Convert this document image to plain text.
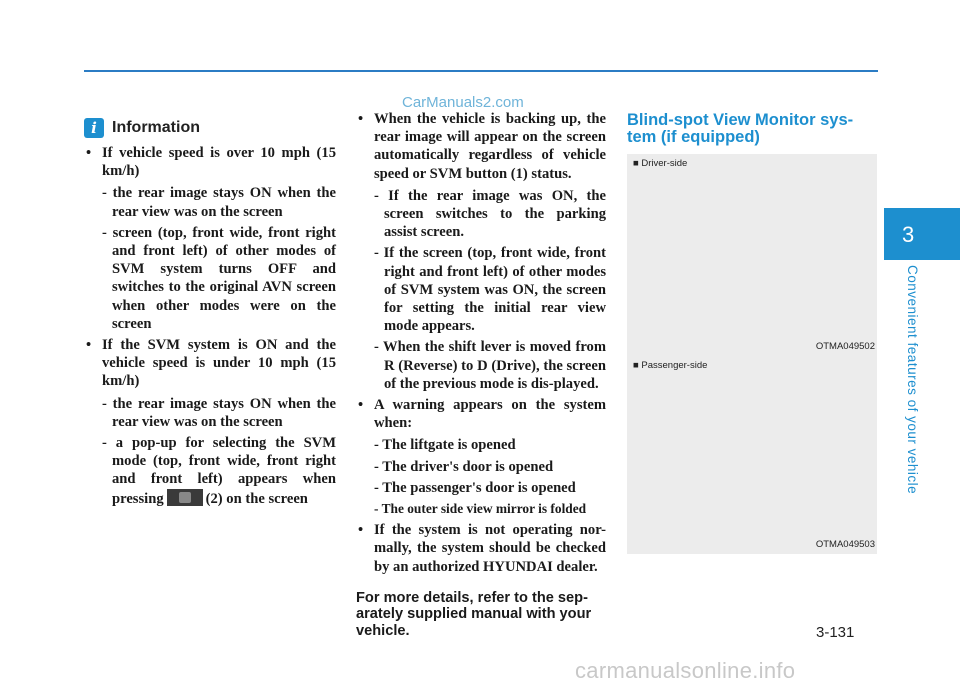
CarManuals2.com
3
Convenient features of your vehicle
i Information
• If vehicle speed is over 10 mph (15 km/h)
- the rear image stays ON when the rear view was on the screen
- screen (top, front wide, front right and front left) of other modes of SVM system turns OFF and switches to the original AVN screen when other modes were on the screen
• If the SVM system is ON and the vehicle speed is under 10 mph (15 km/h)
- the rear image stays ON when the rear view was on the screen
- a pop-up for selecting the SVM mode (top, front wide, front right and front left) appears when pressing	(2) on the screen
• When the vehicle is backing up, the rear image will appear on the screen automatically regardless of vehicle speed or SVM button (1) status.
- If the rear image was ON, the screen switches to the parking assist screen.
- If the screen (top, front wide, front right and front left) of other modes of SVM system was ON, the screen for setting the initial rear view mode appears.
- When the shift lever is moved from R (Reverse) to D (Drive), the screen of the previous mode is dis-played.
• A warning appears on the system when:
- The liftgate is opened
- The driver's door is opened
- The passenger's door is opened
- The outer side view mirror is folded
• If the system is not operating nor-mally, the system should be checked by an authorized HYUNDAI dealer.
For more details, refer to the sep-arately supplied manual with your vehicle.
Blind-spot View Monitor sys-tem (if equipped)
■ Driver-side
OTMA049502
■ Passenger-side
OTMA049503
3-131
carmanualsonline.info
